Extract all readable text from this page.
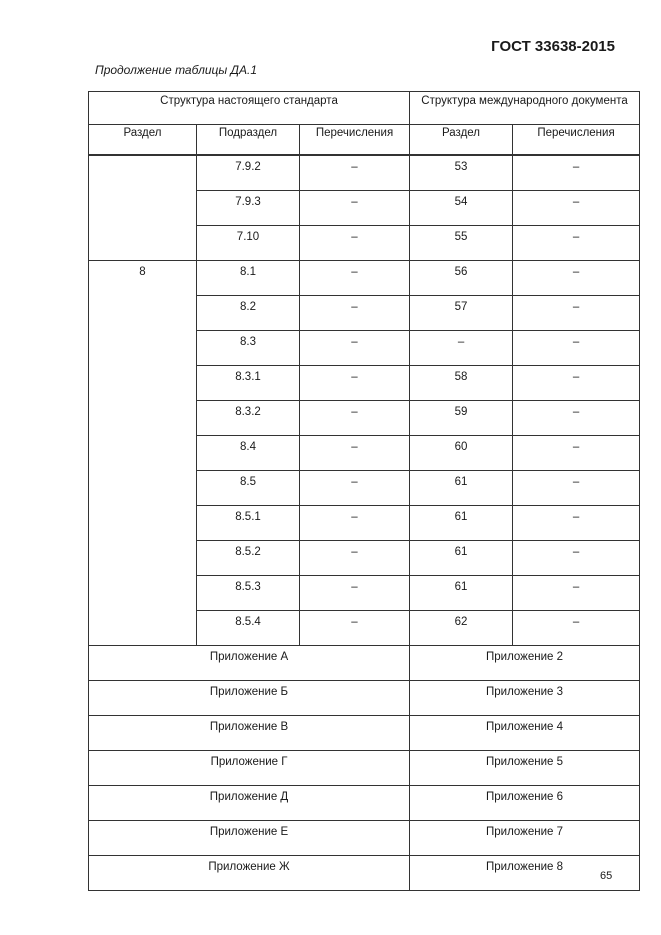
ГОСТ 33638-2015
Продолжение таблицы ДА.1
Структура настоящего стандарта			Структура международного документа	
Раздел	Подраздел	Перечисления	Раздел	Перечисления
	7.9.2	–	53	–
	7.9.3	–	54	–
	7.10	–	55	–
8	8.1	–	56	–
	8.2	–	57	–
	8.3	–	–	–
	8.3.1	–	58	–
	8.3.2	–	59	–
	8.4	–	60	–
	8.5	–	61	–
	8.5.1	–	61	–
	8.5.2	–	61	–
	8.5.3	–	61	–
	8.5.4	–	62	–
Приложение А			Приложение 2	
Приложение Б			Приложение 3	
Приложение В			Приложение 4	
Приложение Г			Приложение 5	
Приложение Д			Приложение 6	
Приложение Е			Приложение 7	
Приложение Ж			Приложение 8	
65
